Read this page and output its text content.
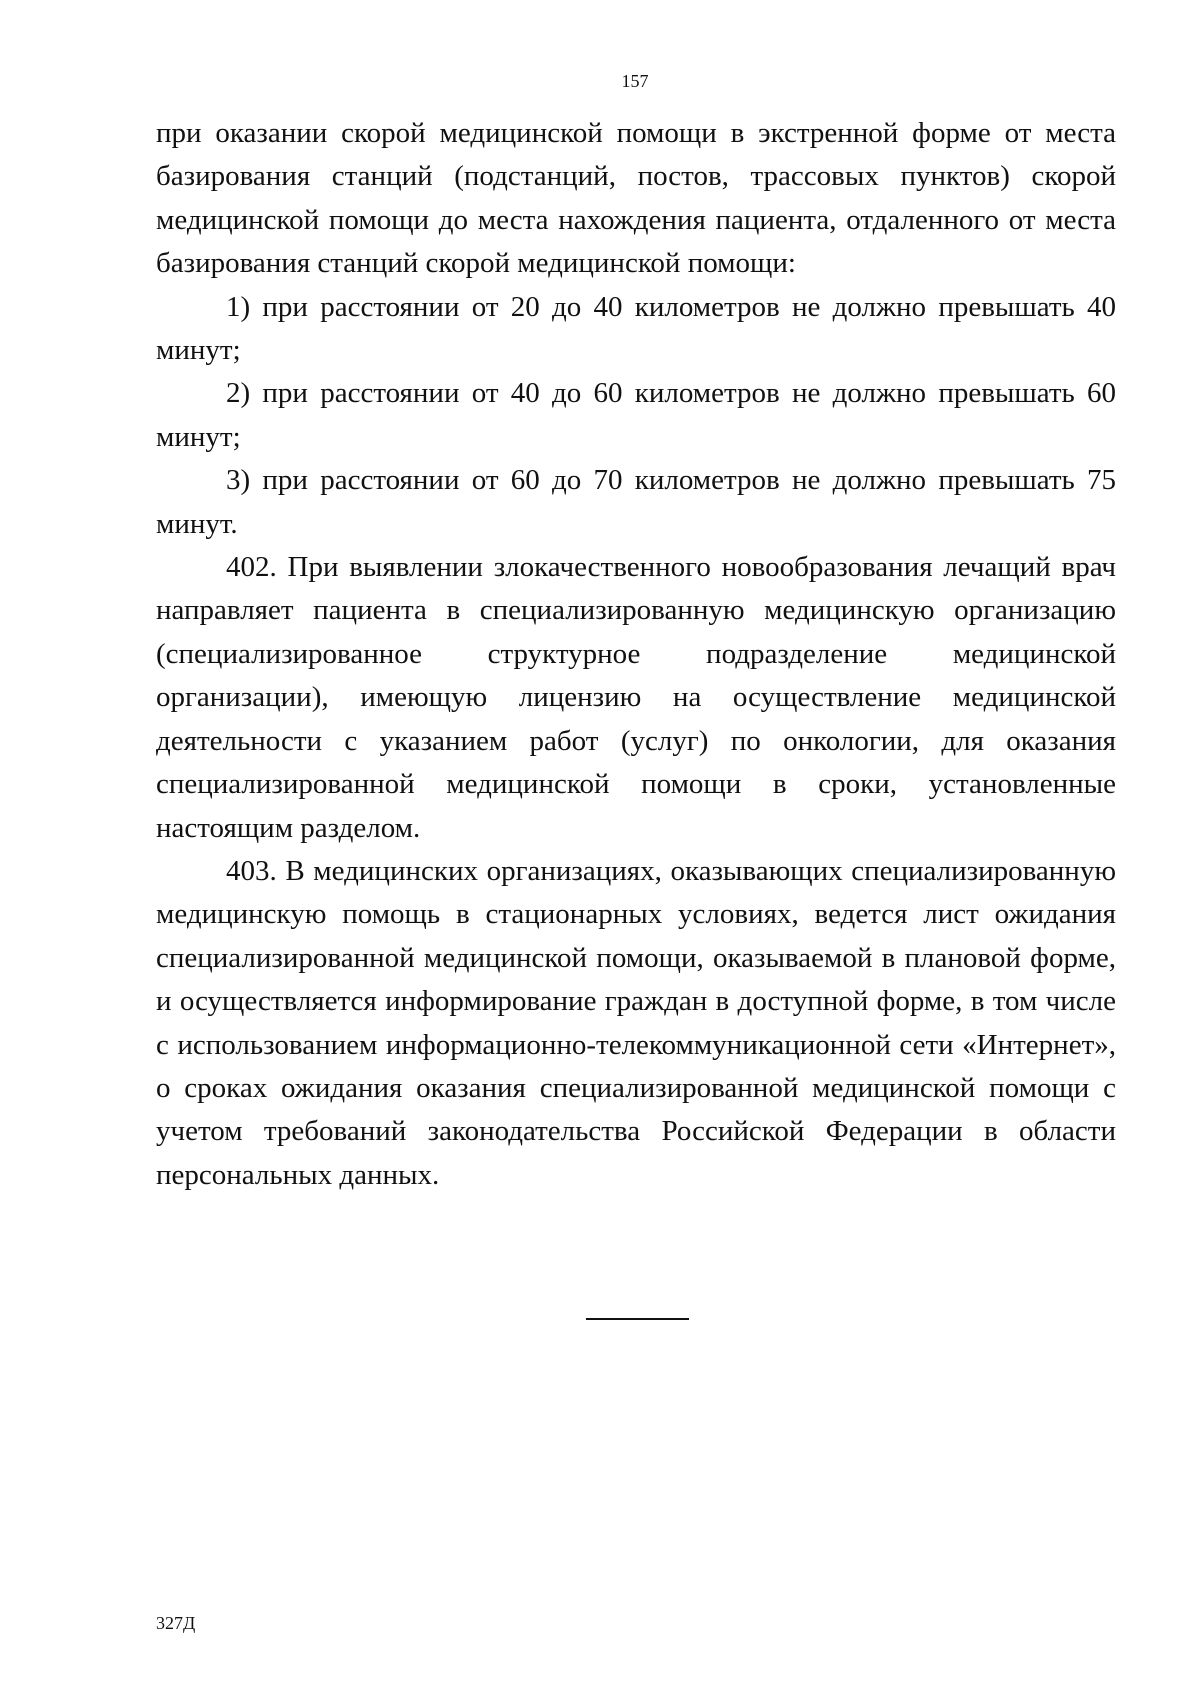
157

при оказании скорой медицинской помощи в экстренной форме от места базирования станций (подстанций, постов, трассовых пунктов) скорой медицинской помощи до места нахождения пациента, отдаленного от места базирования станций скорой медицинской помощи:

1) при расстоянии от 20 до 40 километров не должно превышать 40 минут;

2) при расстоянии от 40 до 60 километров не должно превышать 60 минут;

3) при расстоянии от 60 до 70 километров не должно превышать 75 минут.

402. При выявлении злокачественного новообразования лечащий врач направляет пациента в специализированную медицинскую организацию (специализированное структурное подразделение медицинской организации), имеющую лицензию на осуществление медицинской деятельности с указанием работ (услуг) по онкологии, для оказания специализированной медицинской помощи в сроки, установленные настоящим разделом.

403. В медицинских организациях, оказывающих специализированную медицинскую помощь в стационарных условиях, ведется лист ожидания специализированной медицинской помощи, оказываемой в плановой форме, и осуществляется информирование граждан в доступной форме, в том числе с использованием информационно-телекоммуникационной сети «Интернет», о сроках ожидания оказания специализированной медицинской помощи с учетом требований законодательства Российской Федерации в области персональных данных.

327Д
